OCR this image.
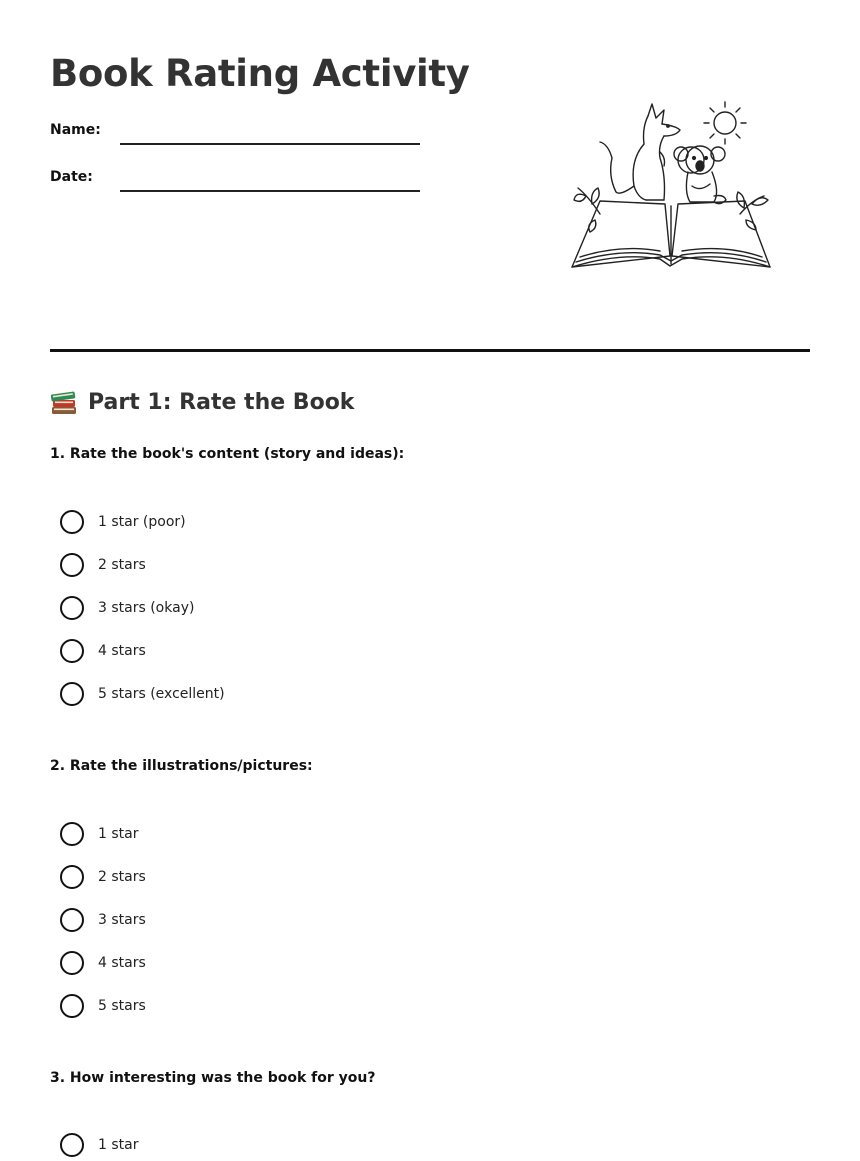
Book Rating Activity
Name:
Date:
Part 1: Rate the Book
1. Rate the book's content (story and ideas):
1 star (poor)
2 stars
3 stars (okay)
4 stars
5 stars (excellent)
2. Rate the illustrations/pictures:
1 star
2 stars
3 stars
4 stars
5 stars
3. How interesting was the book for you?
1 star
